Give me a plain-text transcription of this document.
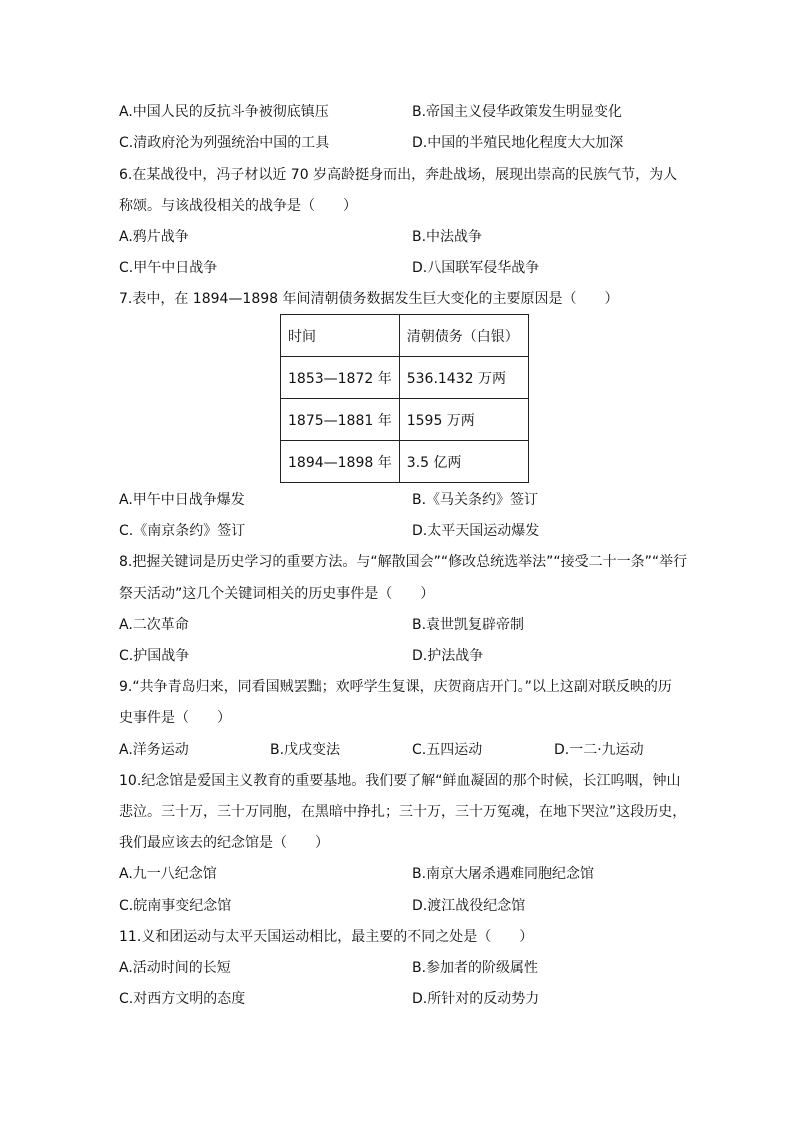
A.中国人民的反抗斗争被彻底镇压	B.帝国主义侵华政策发生明显变化
C.清政府沦为列强统治中国的工具	D.中国的半殖民地化程度大大加深
6.在某战役中，冯子材以近 70 岁高龄挺身而出，奔赴战场，展现出崇高的民族气节，为人
称颂。与该战役相关的战争是（　　）
A.鸦片战争	B.中法战争
C.甲午中日战争	D.八国联军侵华战争
7.表中，在 1894—1898 年间清朝债务数据发生巨大变化的主要原因是（　　）
时间	清朝债务（白银）
1853—1872 年	536.1432 万两
1875—1881 年	1595 万两
1894—1898 年	3.5 亿两
A.甲午中日战争爆发	B.《马关条约》签订
C.《南京条约》签订	D.太平天国运动爆发
8.把握关键词是历史学习的重要方法。与“解散国会”“修改总统选举法”“接受二十一条”“举行
祭天活动”这几个关键词相关的历史事件是（　　）
A.二次革命	B.袁世凯复辟帝制
C.护国战争	D.护法战争
9.“共争青岛归来，同看国贼罢黜；欢呼学生复课，庆贺商店开门。”以上这副对联反映的历
史事件是（　　）
A.洋务运动	B.戊戌变法	C.五四运动	D.一二·九运动
10.纪念馆是爱国主义教育的重要基地。我们要了解“鲜血凝固的那个时候，长江呜咽，钟山
悲泣。三十万，三十万同胞，在黑暗中挣扎；三十万，三十万冤魂，在地下哭泣”这段历史，
我们最应该去的纪念馆是（　　）
A.九一八纪念馆	B.南京大屠杀遇难同胞纪念馆
C.皖南事变纪念馆	D.渡江战役纪念馆
11.义和团运动与太平天国运动相比，最主要的不同之处是（　　）
A.活动时间的长短	B.参加者的阶级属性
C.对西方文明的态度	D.所针对的反动势力
